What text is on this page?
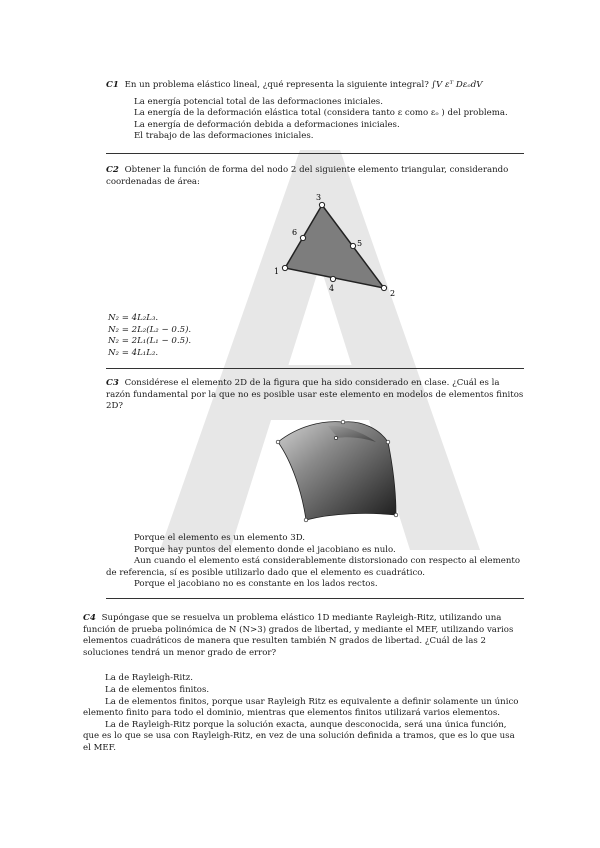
C1 En un problema elástico lineal, ¿qué representa la siguiente integral? ∫V εᵀ DεₒdV

La energía potencial total de las deformaciones iniciales.
La energía de la deformación elástica total (considera tanto ε como εₒ ) del problema.
La energía de deformación debida a deformaciones iniciales.
El trabajo de las deformaciones iniciales.

C2 Obtener la función de forma del nodo 2 del siguiente elemento triangular, considerando coordenadas de área:

1
2
3
4
5
6
N₂ = 4L₂L₃.
N₂ = 2L₂(L₂ − 0.5).
N₂ = 2L₁(L₁ − 0.5).
N₂ = 4L₁L₂.

C3 Considérese el elemento 2D de la figura que ha sido considerado en clase. ¿Cuál es la razón fundamental por la que no es posible usar este elemento en modelos de elementos finitos 2D?

Porque el elemento es un elemento 3D.
Porque hay puntos del elemento donde el jacobiano es nulo.
Aun cuando el elemento está considerablemente distorsionado con respecto al elemento de referencia, sí es posible utilizarlo dado que el elemento es cuadrático.
Porque el jacobiano no es constante en los lados rectos.

C4 Supóngase que se resuelva un problema elástico 1D mediante Rayleigh-Ritz, utilizando una función de prueba polinómica de N (N>3) grados de libertad, y mediante el MEF, utilizando varios elementos cuadráticos de manera que resulten también N grados de libertad. ¿Cuál de las 2 soluciones tendrá un menor grado de error?

La de Rayleigh-Ritz.
La de elementos finitos.
La de elementos finitos, porque usar Rayleigh Ritz es equivalente a definir solamente un único elemento finito para todo el dominio, mientras que elementos finitos utilizará varios elementos.
La de Rayleigh-Ritz porque la solución exacta, aunque desconocida, será una única función, que es lo que se usa con Rayleigh-Ritz, en vez de una solución definida a tramos, que es lo que usa el MEF.
